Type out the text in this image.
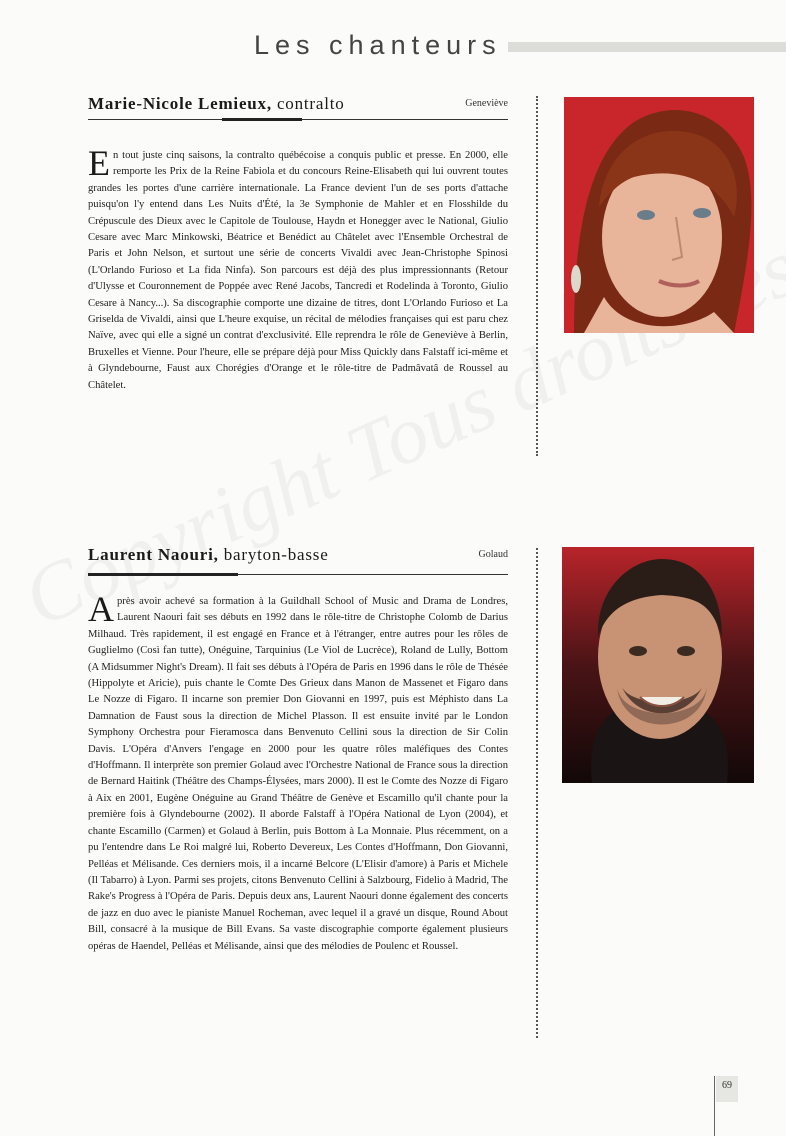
Les chanteurs
Marie-Nicole Lemieux, contralto	Geneviève
En tout juste cinq saisons, la contralto québécoise a conquis public et presse. En 2000, elle remporte les Prix de la Reine Fabiola et du concours Reine-Elisabeth qui lui ouvrent toutes grandes les portes d'une carrière internationale. La France devient l'un de ses ports d'attache puisqu'on l'y entend dans Les Nuits d'Été, la 3e Symphonie de Mahler et en Flosshilde du Crépuscule des Dieux avec le Capitole de Toulouse, Haydn et Honegger avec le National, Giulio Cesare avec Marc Minkowski, Béatrice et Benédict au Châtelet avec l'Ensemble Orchestral de Paris et John Nelson, et surtout une série de concerts Vivaldi avec Jean-Christophe Spinosi (L'Orlando Furioso et La fida Ninfa). Son parcours est déjà des plus impressionnants (Retour d'Ulysse et Couronnement de Poppée avec René Jacobs, Tancredi et Rodelinda à Toronto, Giulio Cesare à Nancy...). Sa discographie comporte une dizaine de titres, dont L'Orlando Furioso et La Griselda de Vivaldi, ainsi que L'heure exquise, un récital de mélodies françaises qui est paru chez Naïve, avec qui elle a signé un contrat d'exclusivité. Elle reprendra le rôle de Geneviève à Berlin, Bruxelles et Vienne. Pour l'heure, elle se prépare déjà pour Miss Quickly dans Falstaff ici-même et à Glyndebourne, Faust aux Chorégies d'Orange et le rôle-titre de Padmâvatâ de Roussel au Châtelet.
Laurent Naouri, baryton-basse	Golaud
Après avoir achevé sa formation à la Guildhall School of Music and Drama de Londres, Laurent Naouri fait ses débuts en 1992 dans le rôle-titre de Christophe Colomb de Darius Milhaud. Très rapidement, il est engagé en France et à l'étranger, entre autres pour les rôles de Guglielmo (Così fan tutte), Onéguine, Tarquinius (Le Viol de Lucrèce), Roland de Lully, Bottom (A Midsummer Night's Dream). Il fait ses débuts à l'Opéra de Paris en 1996 dans le rôle de Thésée (Hippolyte et Aricie), puis chante le Comte Des Grieux dans Manon de Massenet et Figaro dans Le Nozze di Figaro. Il incarne son premier Don Giovanni en 1997, puis est Méphisto dans La Damnation de Faust sous la direction de Michel Plasson. Il est ensuite invité par le London Symphony Orchestra pour Fieramosca dans Benvenuto Cellini sous la direction de Sir Colin Davis. L'Opéra d'Anvers l'engage en 2000 pour les quatre rôles maléfiques des Contes d'Hoffmann. Il interprète son premier Golaud avec l'Orchestre National de France sous la direction de Bernard Haitink (Théâtre des Champs-Élysées, mars 2000). Il est le Comte des Nozze di Figaro à Aix en 2001, Eugène Onéguine au Grand Théâtre de Genève et Escamillo qu'il chante pour la première fois à Glyndebourne (2002). Il aborde Falstaff à l'Opéra National de Lyon (2004), et chante Escamillo (Carmen) et Golaud à Berlin, puis Bottom à La Monnaie. Plus récemment, on a pu l'entendre dans Le Roi malgré lui, Roberto Devereux, Les Contes d'Hoffmann, Don Giovanni, Pelléas et Mélisande. Ces derniers mois, il a incarné Belcore (L'Elisir d'amore) à Paris et Michele (Il Tabarro) à Lyon. Parmi ses projets, citons Benvenuto Cellini à Salzbourg, Fidelio à Madrid, The Rake's Progress à l'Opéra de Paris. Depuis deux ans, Laurent Naouri donne également des concerts de jazz en duo avec le pianiste Manuel Rocheman, avec lequel il a gravé un disque, Round About Bill, consacré à la musique de Bill Evans. Sa vaste discographie comporte également plusieurs opéras de Haendel, Pelléas et Mélisande, ainsi que des mélodies de Poulenc et Roussel.
69
